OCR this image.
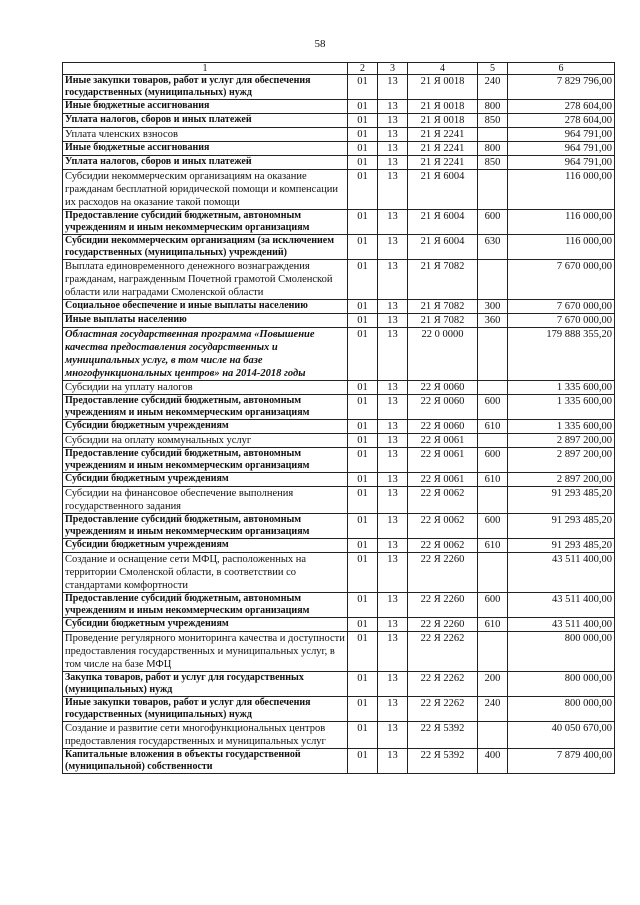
58
1	2	3	4	5	6
Иные закупки товаров, работ и услуг для обеспечения государственных (муниципальных) нужд	01	13	21 Я 0018	240	7 829 796,00
Иные бюджетные ассигнования	01	13	21 Я 0018	800	278 604,00
Уплата налогов, сборов и иных платежей	01	13	21 Я 0018	850	278 604,00
Уплата членских взносов	01	13	21 Я 2241		964 791,00
Иные бюджетные ассигнования	01	13	21 Я 2241	800	964 791,00
Уплата налогов, сборов и иных платежей	01	13	21 Я 2241	850	964 791,00
Субсидии некоммерческим организациям на оказание гражданам бесплатной юридической помощи и компенсации их расходов на оказание такой помощи	01	13	21 Я 6004		116 000,00
Предоставление субсидий бюджетным, автономным учреждениям и иным некоммерческим организациям	01	13	21 Я 6004	600	116 000,00
Субсидии некоммерческим организациям (за исключением государственных (муниципальных) учреждений)	01	13	21 Я 6004	630	116 000,00
Выплата единовременного денежного вознаграждения гражданам, награжденным Почетной грамотой Смоленской области или наградами Смоленской области	01	13	21 Я 7082		7 670 000,00
Социальное обеспечение и иные выплаты населению	01	13	21 Я 7082	300	7 670 000,00
Иные выплаты населению	01	13	21 Я 7082	360	7 670 000,00
Областная государственная программа «Повышение качества предоставления государственных и муниципальных услуг, в том числе на базе многофункциональных центров» на 2014-2018 годы	01	13	22 0 0000		179 888 355,20
Субсидии на уплату налогов	01	13	22 Я 0060		1 335 600,00
Предоставление субсидий бюджетным, автономным учреждениям и иным некоммерческим организациям	01	13	22 Я 0060	600	1 335 600,00
Субсидии бюджетным учреждениям	01	13	22 Я 0060	610	1 335 600,00
Субсидии на оплату коммунальных услуг	01	13	22 Я 0061		2 897 200,00
Предоставление субсидий бюджетным, автономным учреждениям и иным некоммерческим организациям	01	13	22 Я 0061	600	2 897 200,00
Субсидии бюджетным учреждениям	01	13	22 Я 0061	610	2 897 200,00
Субсидии на финансовое обеспечение выполнения государственного задания	01	13	22 Я 0062		91 293 485,20
Предоставление субсидий бюджетным, автономным учреждениям и иным некоммерческим организациям	01	13	22 Я 0062	600	91 293 485,20
Субсидии бюджетным учреждениям	01	13	22 Я 0062	610	91 293 485,20
Создание и оснащение сети МФЦ, расположенных на территории Смоленской области, в соответствии со стандартами комфортности	01	13	22 Я 2260		43 511 400,00
Предоставление субсидий бюджетным, автономным учреждениям и иным некоммерческим организациям	01	13	22 Я 2260	600	43 511 400,00
Субсидии бюджетным учреждениям	01	13	22 Я 2260	610	43 511 400,00
Проведение регулярного мониторинга качества и доступности предоставления государственных и муниципальных услуг, в том числе на базе МФЦ	01	13	22 Я 2262		800 000,00
Закупка товаров, работ и услуг для государственных (муниципальных) нужд	01	13	22 Я 2262	200	800 000,00
Иные закупки товаров, работ и услуг для обеспечения государственных (муниципальных) нужд	01	13	22 Я 2262	240	800 000,00
Создание и развитие сети многофункциональных центров предоставления государственных и муниципальных услуг	01	13	22 Я 5392		40 050 670,00
Капитальные вложения в объекты государственной (муниципальной) собственности	01	13	22 Я 5392	400	7 879 400,00
